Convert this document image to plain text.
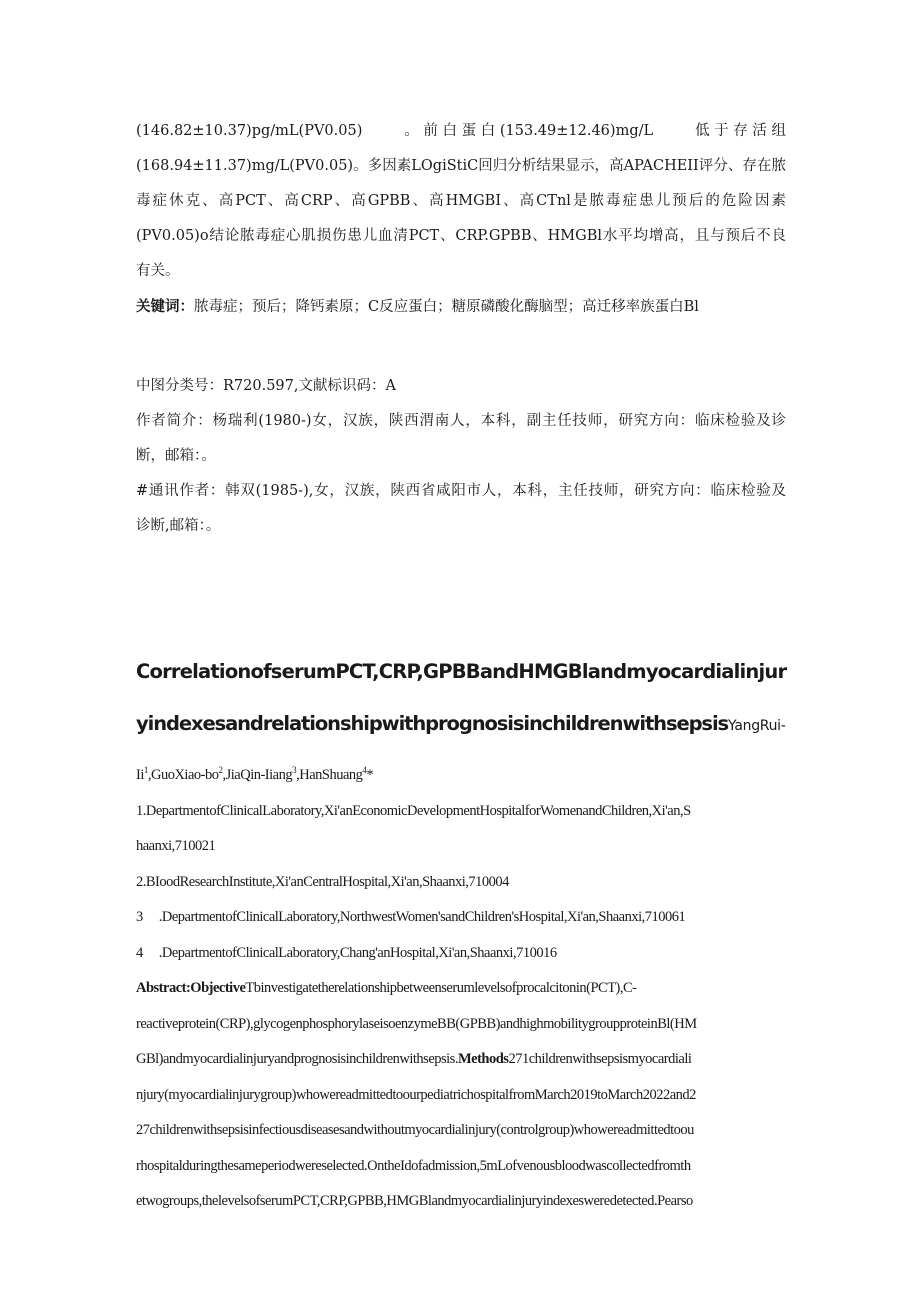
(146.82±10.37)pg/mL(PV0.05)	。 前 白 蛋 白 (153.49±12.46)mg/L	低 于 存 活 组

(168.94±11.37)mg/L(PV0.05)。多因素LOgiStiC回归分析结果显示，高APACHEII评分、存在脓

毒症休克、高PCT、高CRP、高GPBB、高HMGBI、高CTnl是脓毒症患儿预后的危险因素

(PV0.05)o结论脓毒症心肌损伤患儿血清PCT、CRP.GPBB、HMGBl水平均增高，且与预后不良

有关。

关键词：脓毒症；预后；降钙素原；C反应蛋白；糖原磷酸化酶脑型；高迁移率族蛋白Bl

中图分类号：R720.597,文献标识码：A

作者简介：杨瑞利(1980-)女，汉族，陕西渭南人，本科，副主任技师，研究方向：临床检验及诊

断，邮箱：。

#通讯作者：韩双(1985-),女，汉族，陕西省咸阳市人，本科，主任技师，研究方向：临床检验及

诊断,邮箱：。

CorrelationofserumPCT,CRP,GPBBandHMGBlandmyocardialinjur
yindexesandrelationshipwithprognosisinchildrenwithsepsisYangRui-

$Ii^1,GuoXiao-bo^2,JiaQin-Iiang^3,HanShuang^4*$

1.DepartmentofClinicalLaboratory,Xi'anEconomicDevelopmentHospitalforWomenandChildren,Xi'an,S

haanxi,710021

2.BIoodResearchInstitute,Xi'anCentralHospital,Xi'an,Shaanxi,710004

3 .DepartmentofClinicalLaboratory,NorthwestWomen'sandChildren'sHospital,Xi'an,Shaanxi,710061

4 .DepartmentofClinicalLaboratory,Chang'anHospital,Xi'an,Shaanxi,710016

Abstract:ObjectiveTbinvestigatetherelationshipbetweenserumlevelsofprocalcitonin(PCT),C-

reactiveprotein(CRP),glycogenphosphorylaseisoenzymeBB(GPBB)andhighmobilitygroupproteinBl(HM

GBl)andmyocardialinjuryandprognosisinchildrenwithsepsis.Methods271childrenwithsepsismyocardiali

njury(myocardialinjurygroup)whowereadmittedtoourpediatrichospitalfromMarch2019toMarch2022and2

27childrenwithsepsisinfectiousdiseasesandwithoutmyocardialinjury(controlgroup)whowereadmittedtoou

rhospitalduringthesameperiodwereselected.OntheIdofadmission,5mLofvenousbloodwascollectedfromth

etwogroups,thelevelsofserumPCT,CRP,GPBB,HMGBlandmyocardialinjuryindexesweredetected.Pearso
